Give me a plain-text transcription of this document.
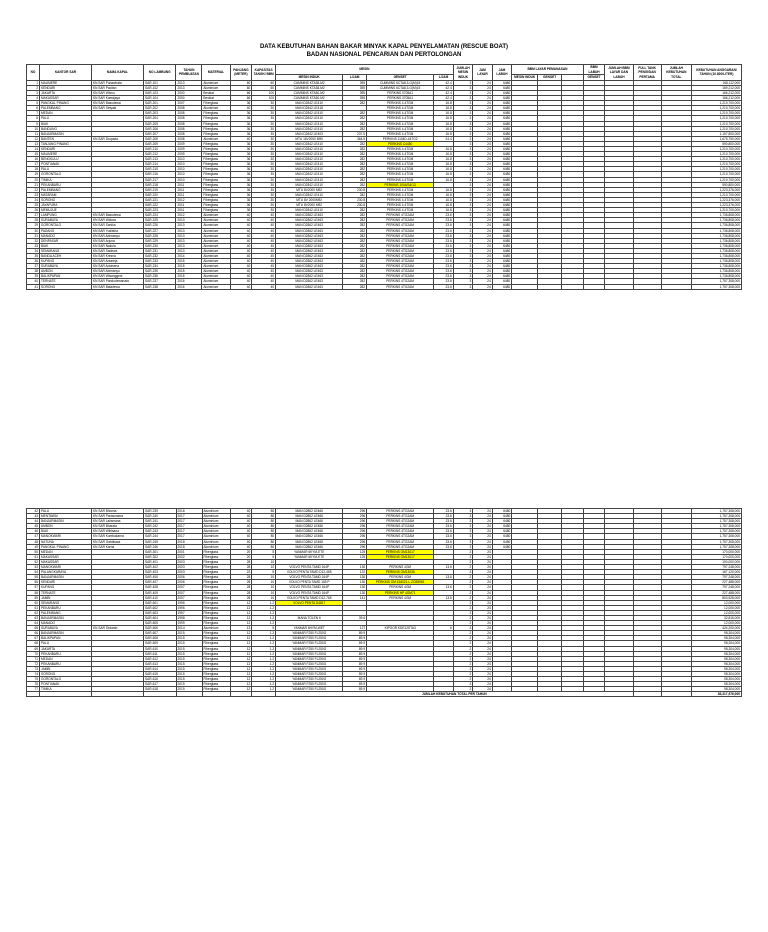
DATA KEBUTUHAN BAHAN BAKAR MINYAK KAPAL PENYELAMATAN (RESCUE BOAT)
BADAN NASIONAL PENCARIAN DAN PERTOLONGAN
NO	KANTOR SAR	NAMA KAPAL	NO LAMBUNG	TAHUN PEMBUATAN	MATERIAL	PANJANG (METER)	KAPASITAS TANGKI BBM	MESIN				JUMLAH MESIN INDUK	JAM LAYAR	JAM LABUH	BBM LAYAR PEMANASAN			BBM LABUH	JUMLAH BBM LAYAR DAN LABUH	FULL TANK PENGISIAN PERTAMA	JUMLAH KEBUTUHAN TOTAL	KEBUTUHAN ANGGARAN/ TAHUN (10.800/LITER)
								MESIN INDUK	L/JAM	GENSET	L/JAM				MESIN INDUK	GENSET		GENSET				
1	MAUMERE	KN SAR Puhawirata	SAR-101	2013	Aluminium	60	60	CUMMINS KTA38-M2	395	CUMMINS 6CTA8.3-G(M)15	42.4	3	24	6480								168,112,000
2	KENDARI	KN SAR Pacitan	SAR-102	2013	Aluminium	60	60	CUMMINS KTA38-M2	395	CUMMINS 6CTA8.3-G(M)15	42.4	3	24	6480								169,212,000
3	JAKARTA	KN SAR Wisnu	SAR-103	2000	Besikat	66	100	CUMMINS KTA50-M2	395	PERKINS 0705A1	42.4	3	24	6480								166,212,000
4	MAKASSAR	KN SAR Kamajaya	SAR-104	2000	Besikat	66	100	CUMMINS KTA50-M2	395	PERKINS 0705A1	42.4	3	24	6480								166,212,000
5	PANGKAL PINANG	KN SAR Basudewa	SAR-201	2007	Fiberglass	36	30	MAN D2842 LE410	282	PERKINS 4.4TGM	16.8	3	24	6480								1,210,700,000
6	PALEMBANG	KN SAR Setyaki	SAR-202	2008	Aluminium	40	30	MAN D2842 LE418		PERKINS 4.4TGM	16.8	3	24	6480								1,210,700,000
7	MEDAN		SAR-203	2008	Fiberglass	36	30	MAN D2842 LE410	282	PERKINS 4.4TGM	16.8	3	24	6480								1,210,700,000
8	PALU		SAR-204	2008	Fiberglass	36	30	MAN D2842 LE410	282	PERKINS 4.4TGM	16.8	3	24	6480								1,210,700,000
9	BIAK		SAR-205	2008	Fiberglass	36	30	MAN D2842 LE410	282	PERKINS 4.4TGM	16.8	3	24	6480								1,210,700,000
10	BANDUNG		SAR-206	2008	Fiberglass	36	30	MAN D2842 LE410	282	PERKINS 4.4TGM	16.8	3	24	6480								1,210,700,000
11	BANJARMASIN		SAR-207	2008	Fiberglass	36	30	MAN D2842 LE403	237.5	PERKINS 4.4TGM	16.8	3	24	6480								1,157,800,000
12	BANTEN	KN SAR Drupada	SAR-208	2008	Aluminium	40	30	MTU 16V2000 M90	364.5	PERKINS 1104D-44TG2	24.4	2	24	6480								1,675,750,000
13	TANJUNG PINANG		SAR-209	2009	Fiberglass	36	30	MAN D2842 LE410	282	PERKINS C4450		3	24	6480								590,800,000
14	KENDARI		SAR-210	2009	Fiberglass	36	30	MAN D2842 LE410	282	PERKINS 4.4TGM	16.8	3	24	6480								1,210,700,000
15	MAUMERE		SAR-212	2009	Fiberglass	36	30	MAN D2842 LE410	282	PERKINS 4.4TGM	16.8	3	24	6480								1,210,700,000
16	BENGKULU		SAR-213	2010	Fiberglass	36	30	MAN D2842 LE410	282	PERKINS 4.4TGM	16.8	3	24	6480								1,210,700,000
17	PONTIANAK		SAR-214	2010	Fiberglass	36	30	MAN D2842 LE410	282	PERKINS 4.4TGM	16.8	3	24	6480								1,210,700,000
18	PALU		SAR-215	2010	Fiberglass	36	30	MAN D2842 LE410	282	PERKINS 4.4TGM	16.8	3	24	6480								1,210,700,000
19	GORONTALO		SAR-216	2010	Fiberglass	36	30	MAN D2842 LE410	282	PERKINS 4.4TGM	16.8	3	24	6480								1,210,700,000
20	TIMIKA		SAR-217	2010	Fiberglass	36	30	MAN D2842 LE410	282	PERKINS 4.4TGM	16.8	3	24	6480								1,210,700,000
21	PEKANBARU		SAR-218	2011	Fiberglass	36	30	MAN D2842 LE410	282	PERKINS 1004/S4/13		3	24	6480								590,800,000
22	PALEMBANG		SAR-219	2011	Fiberglass	36	30	MTU 8V2000 M92	230.8	PERKINS 4.4TGM	16.8	3	24	6480								1,223,376,000
23	MATARAM		SAR-220	2011	Fiberglass	36	30	MAN D2842 LE410	282	PERKINS 4.4TGM	16.8	3	24	6480								1,210,700,000
24	SORONG		SAR-221	2012	Fiberglass	36	30	MTU 8V 2000M92	230.8	PERKINS 4.4TGM	16.8	3	24	6480								1,223,376,000
25	JAYAPURA		SAR-222	2011	Fiberglass	36	30	MTU 8V2000 M92	230.8	PERKINS 4.4TGM	16.8	3	24	6480								1,223,376,000
26	MEMUJUE		SAR-223	2011	Fiberglass	36	30	MAN D2842 LE410	282	PERKINS 4.4TGM	16.8	3	24	6480								1,210,700,000
27	LAMPUNG	KN SAR Basudewa	SAR-224	2012	Aluminium	40	40	MAN D2862 LE463	282	PERKINS 4TG2AM	23.6	3	24	6480								1,736,808,000
28	SURABAYA	KN SAR Widura	SAR-225	2013	Aluminium	40	40	MAN D2862 LE463	282	PERKINS 4TG2AM	23.6	3	24	6480								1,736,808,000
29	GORONTALO	KN SAR Sanika	SAR-226	2013	Aluminium	40	40	MAN D2862 LE463	282	PERKINS 4TG2AM	23.6	3	24	6480								1,736,808,000
30	PADANG	KN SAR Yudistira	SAR-227	2013	Aluminium	40	40	MAN D2862 LE463	282	PERKINS 4TG2AM	23.6	3	24	6480								1,736,808,000
31	MANADO	KN SAR Abimanyu	SAR-228	2013	Aluminium	40	40	MAN D2862 LE463	282	PERKINS 4TG2AM	23.6	3	24	6480								1,736,808,000
32	DENPASAR	KN SAR Arjuna	SAR-229	2013	Aluminium	40	40	MAN D2862 LE463	282	PERKINS 4TG2AM	23.6	3	24	6480								1,736,808,000
33	BIAK	KN SAR Nakula	SAR-230	2013	Aluminium	40	40	MAN D2862 LE463	282	PERKINS 4TG2AM	23.6	3	24	6480								1,736,808,000
34	SEMARANG	KN SAR Sadewa	SAR-231	2013	Aluminium	40	40	MAN D2862 LE463	282	PERKINS 4TG2AM	23.6	3	24	6480								1,736,808,000
35	BANDA ACEH	KN SAR Kresna	SAR-232	2014	Aluminium	40	40	MAN D2862 LE463	282	PERKINS 4TG2AM	23.6	3	24	6480								1,736,808,000
36	KUPANG	KN SAR Antareja	SAR-233	2015	Aluminium	40	40	MAN D2862 LE463	282	PERKINS 4TG2AM	23.6	3	24	6480								1,736,808,000
37	SURABAYA	KN SAR Antasena	SAR-234	2015	Aluminium	40	40	MAN D2862 LE463	282	PERKINS 4TG2AM	23.6	3	24	6480								1,736,808,000
38	AMBON	KN SAR Abimanyu	SAR-235	2015	Aluminium	40	40	MAN D2862 LE463	282	PERKINS 4TG2AM	23.6	3	24	6480								1,736,808,000
39	BALIKPAPAN	KN SAR Wisanggeni	SAR-236	2015	Aluminium	40	40	MAN D2862 LE463	282	PERKINS 4TG2AM	23.6	3	24	6480								1,736,808,000
40	TERNATE	KN SAR Pandudewanata	SAR-237	2016	Aluminium	40	40	MAN D2862 LE463	282	PERKINS 4TG2AM	23.6	3	24	6480								1,757,308,000
41	SORONG	KN SAR Baladewa	SAR-238	2016	Aluminium	40	40	MAN D2862 LE463	282	PERKINS 4TG2AM	23.6	3	24	6480								1,757,308,000
42	PALU	KN SAR Bhisma	SAR-239	2016	Aluminium	40	80	MAN D2862 LE466	296	PERKINS 4TG2AM	23.6	3	24	6480								1,757,308,000
43	MENTAWAI	KN SAR Parasurama	SAR-240	2017	Aluminium	40	80	MAN D2862 LE466	296	PERKINS 4TG2AM	23.6	3	24	6480								1,757,308,000
44	BANJARMASIN	KN SAR Laksmana	SAR-241	2017	Aluminium	40	80	MAN D2862 LE466	296	PERKINS 4TG2AM	23.6	3	24	6480								1,757,308,000
45	AMBON	KN SAR Bharata	SAR-242	2017	Aluminium	40	80	MAN D2862 LE466	296	PERKINS 4TG2AM	23.6	3	24	6480								1,757,308,000
46	BIAK	KN SAR Wibisana	SAR-243	2017	Aluminium	40	80	MAN D2862 LE466	296	PERKINS 4TG2AM	23.6	3	24	6480								1,757,308,000
47	MANOKWARI	KN SAR Kumbakarna	SAR-244	2017	Aluminium	40	80	MAN D2862 LE466	296	PERKINS 4TG2AM	23.6	3	24	6480								1,757,308,000
48	NATUNA	KN SAR Gatotkaca	SAR-245	2018	Aluminium	40	80	MAN D2862 LE466	296	PERKINS 4TG2AM	23.6	3	24	6480								1,757,308,000
49	PANGKAL PINANG	KN SAR Karna	SAR-246	2018	Aluminium	40	80	MAN D2862 LE466	296	PERKINS 4TG2AM	23.6	3	24	6480								1,757,308,000
50	MEDAN		SAR-301	2001	Fiberglass	20	5	YANMAR 6KYM-ETE	125	PERKINS OM13017		2	24									170,000,000
51	MAKASSAR		SAR-302	2002	Fiberglass	20	5	YANMAR 6KYM-ETE	125	PERKINS OM13017		2	24									170,000,000
52	MAKASSAR		SAR-401	2003	Fiberglass	28	10					2	24									100,000,000
53	MANOKWARI		SAR-402	2003	Fiberglass	28	10	VOLVO PENTA TAMD 164P	130	PERKINS 4GM	13.6	2	24									797,248,000
54	PALANGKARAYA		SAR-403	2003	Fiberglass	22	5	VOLVO PENTA TAMD D12-465	122	PERKINS OM13036		2	24									167,120,000
55	BANJARMASIN		SAR-406	2006	Fiberglass	28	10	VOLVO PENTA TAMD 164P	130	PERKINS 4GM	13.6	2	24									797,248,000
56	KENDARI		SAR-407	2006	Fiberglass	28	10	VOLVO PENTA TAMD 165 P	130	PERKINS OM 616021-L ZCB5981		2	24									227,488,000
57	KUPANG		SAR-408	2007	Fiberglass	28	10	VOLVO PENTA TAMD 164P	130	PERKINS 4GM	13.6	2	24									797,248,000
58	TERNATE		SAR-409	2007	Fiberglass	28	10	VOLVO PENTA TAMD 164P	130	PERKINS HP 4GM71		2	24									227,488,000
59	JAMBI		SAR-410	2007	Fiberglass	28	10	VOLVO PENTA TAMD D12-765	141	PERKINS 4GM	13.6	2	24									803,928,000
60	SEMARANG		SAR-601	1996	Fiberglass	12	1.2	VOLVO PENTA D4817				2	24									12,000,000
61	PEKANBARU		SAR-602	1996	Fiberglass	12	1.2					2	24									12,000,000
62	PALEMBANG		SAR-603	1997	Fiberglass	12	1.2					2	24									12,000,000
63	BANJARMASIN		SAR-604	1998	Fiberglass	12	1.2	MANA TOLEN 6	39.6			2	24									32,816,000
64	MANADO		SAR-605	1999	Fiberglass	12	1.2					2	24									12,000,000
65	SURABAYA	KN SAR Sinlarah	SAR-606	2014	Aluminium	13	5	YANMAR 6HYM-WET	127	KIPOOR KDE12STA3	6	2	24									424,200,000
66	BANJARMASIN		SAR-607	2015	Fiberglass	12	1.2	YANMAR F250 FL250G	89.9			2	24									98,304,000
67	BALIKPAPAN		SAR-608	2015	Fiberglass	12	1.2	YANMAR F250 FL250G	89.9			2	24									98,304,000
68	PALU		SAR-609	2015	Fiberglass	12	1.2	YANMAR F250 FL250G	89.9			2	24									98,304,000
69	JAKARTA		SAR-610	2015	Fiberglass	12	1.2	YANMAR F250 FL250G	89.9			2	24									98,304,000
70	PEKANBARU		SAR-611	2015	Fiberglass	12	1.2	YANMAR F250 FL250G	89.9			2	24									98,304,000
71	MEDAN		SAR-612	2015	Fiberglass	12	1.2	YANMAR F250 FL250G	89.9			2	24									98,304,000
72	PEKANBARU		SAR-613	2015	Fiberglass	12	1.2	YANMAR F250 FL250G	89.9			2	24									98,304,000
73	JAMBI		SAR-614	2015	Fiberglass	12	1.2	YANMAR F250 FL250G	89.9			2	24									98,304,000
74	SORONG		SAR-615	2015	Fiberglass	12	1.2	YANMAR F250 FL250G	89.9			2	24									98,304,000
75	GORONTALO		SAR-616	2015	Fiberglass	12	1.2	YANMAR F250 FL250G	89.9			2	24									98,304,000
76	PONTIANAK		SAR-617	2015	Fiberglass	12	1.2	YANMAR F250 FL250G	89.9			2	24									98,304,000
77	TIMIKA		SAR-618	2015	Fiberglass	12	1.2	YANMAR F250 FL250G	89.9			2	24									98,304,000
								JUMLAH KEBUTUHAN TOTAL PER TAHUN														83,317,976,000
